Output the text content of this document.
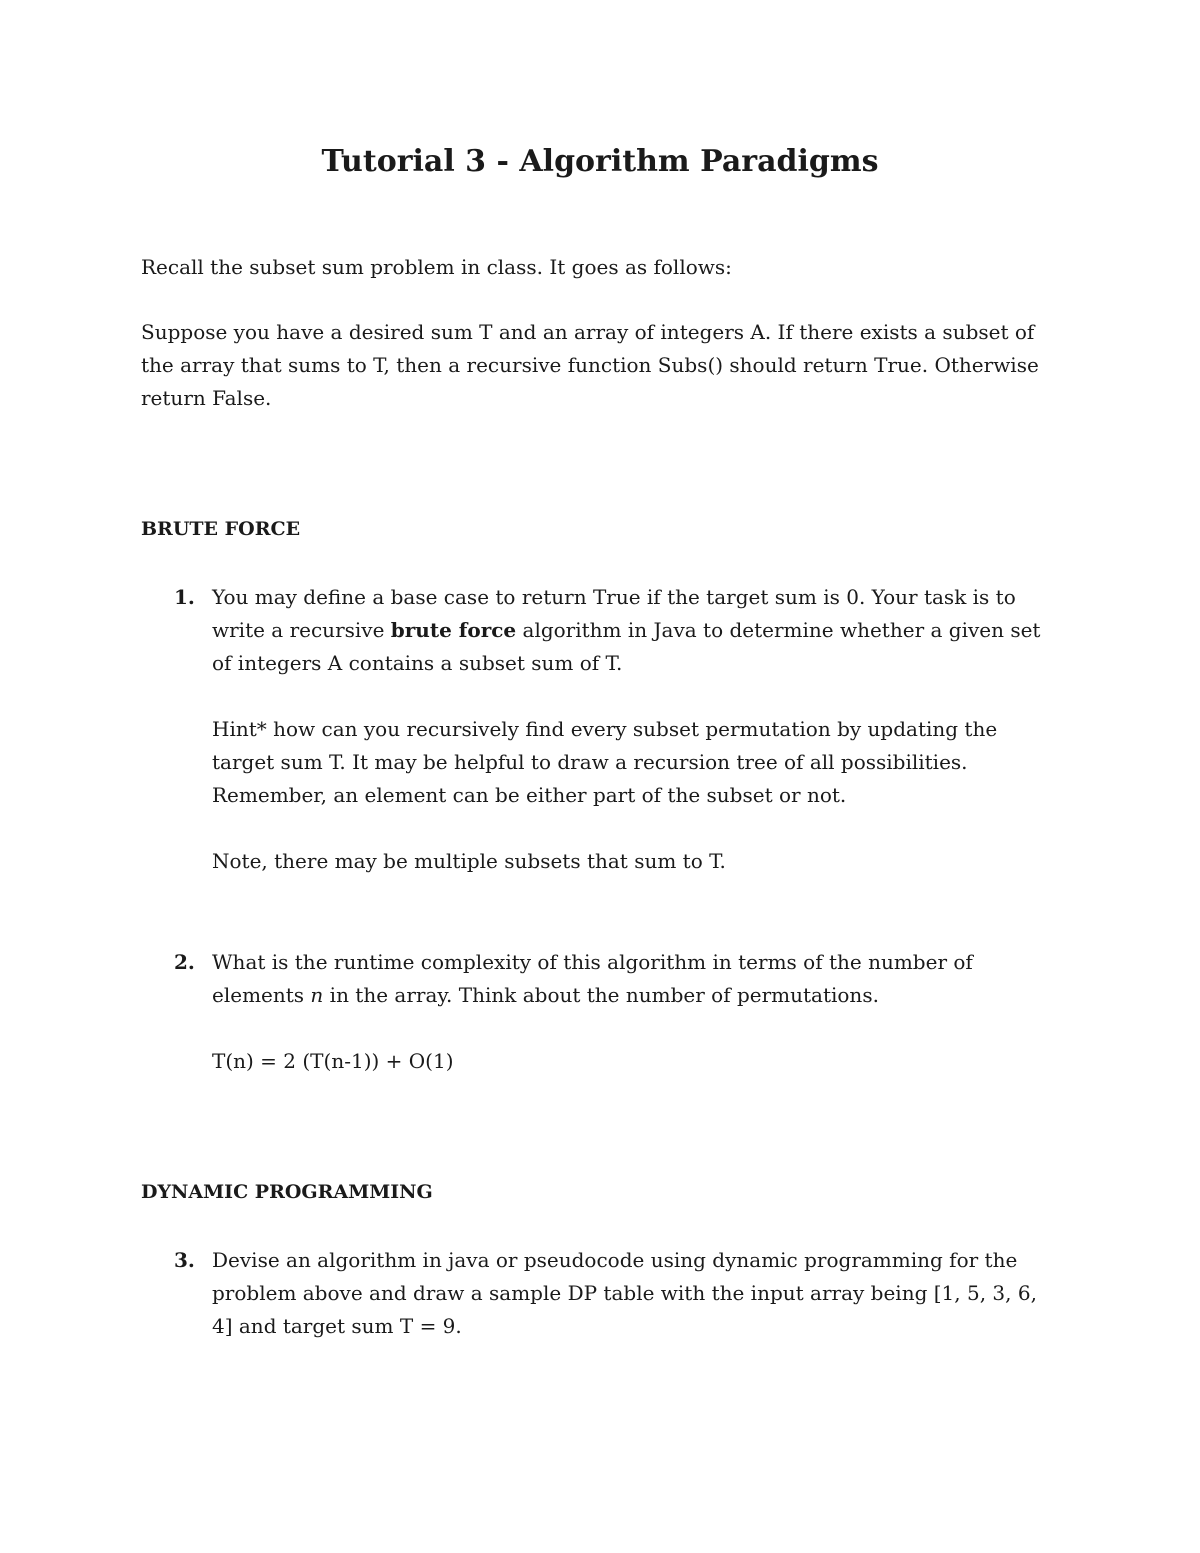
Tutorial 3 - Algorithm Paradigms

Recall the subset sum problem in class. It goes as follows:

Suppose you have a desired sum T and an array of integers A. If there exists a subset of the array that sums to T, then a recursive function Subs() should return True. Otherwise return False.

BRUTE FORCE

1. You may define a base case to return True if the target sum is 0. Your task is to write a recursive brute force algorithm in Java to determine whether a given set of integers A contains a subset sum of T.

Hint* how can you recursively find every subset permutation by updating the target sum T. It may be helpful to draw a recursion tree of all possibilities. Remember, an element can be either part of the subset or not.

Note, there may be multiple subsets that sum to T.

2. What is the runtime complexity of this algorithm in terms of the number of elements n in the array. Think about the number of permutations.

T(n) = 2 (T(n-1)) + O(1)

DYNAMIC PROGRAMMING

3. Devise an algorithm in java or pseudocode using dynamic programming for the problem above and draw a sample DP table with the input array being [1, 5, 3, 6, 4] and target sum T = 9.
